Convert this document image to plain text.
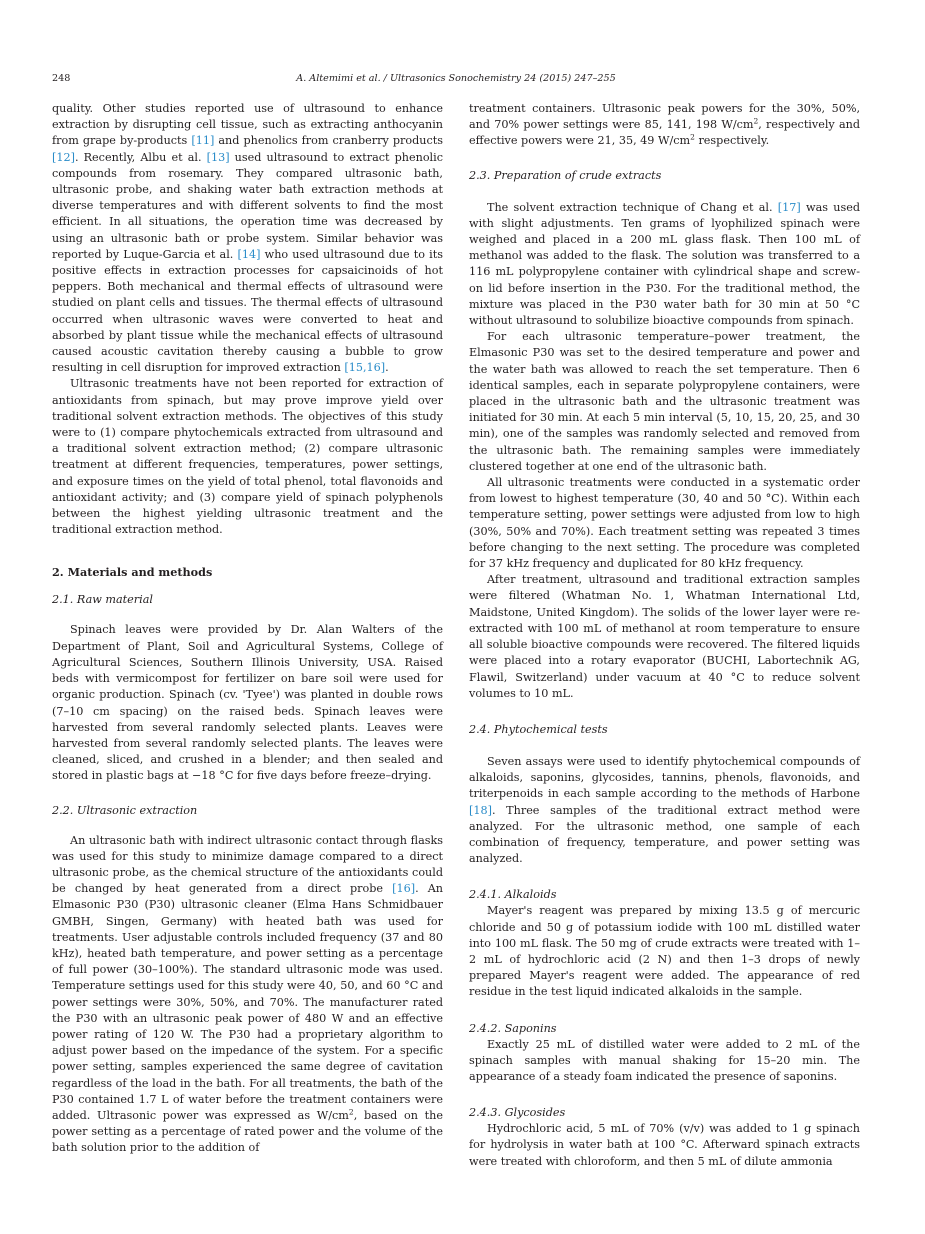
248	A. Altemimi et al. / Ultrasonics Sonochemistry 24 (2015) 247–255

quality. Other studies reported use of ultrasound to enhance extraction by disrupting cell tissue, such as extracting anthocyanin from grape by-products [11] and phenolics from cranberry products [12]. Recently, Albu et al. [13] used ultrasound to extract phenolic compounds from rosemary. They compared ultrasonic bath, ultrasonic probe, and shaking water bath extraction methods at diverse temperatures and with different solvents to find the most efficient. In all situations, the operation time was decreased by using an ultrasonic bath or probe system. Similar behavior was reported by Luque-Garcia et al. [14] who used ultrasound due to its positive effects in extraction processes for capsaicinoids of hot peppers. Both mechanical and thermal effects of ultrasound were studied on plant cells and tissues. The thermal effects of ultrasound occurred when ultrasonic waves were converted to heat and absorbed by plant tissue while the mechanical effects of ultrasound caused acoustic cavitation thereby causing a bubble to grow resulting in cell disruption for improved extraction [15,16].

Ultrasonic treatments have not been reported for extraction of antioxidants from spinach, but may prove improve yield over traditional solvent extraction methods. The objectives of this study were to (1) compare phytochemicals extracted from ultrasound and a traditional solvent extraction method; (2) compare ultrasonic treatment at different frequencies, temperatures, power settings, and exposure times on the yield of total phenol, total flavonoids and antioxidant activity; and (3) compare yield of spinach polyphenols between the highest yielding ultrasonic treatment and the traditional extraction method.

2. Materials and methods
2.1. Raw material

Spinach leaves were provided by Dr. Alan Walters of the Department of Plant, Soil and Agricultural Systems, College of Agricultural Sciences, Southern Illinois University, USA. Raised beds with vermicompost for fertilizer on bare soil were used for organic production. Spinach (cv. 'Tyee') was planted in double rows (7–10 cm spacing) on the raised beds. Spinach leaves were harvested from several randomly selected plants. Leaves were harvested from several randomly selected plants. The leaves were cleaned, sliced, and crushed in a blender; and then sealed and stored in plastic bags at −18 °C for five days before freeze–drying.

2.2. Ultrasonic extraction

An ultrasonic bath with indirect ultrasonic contact through flasks was used for this study to minimize damage compared to a direct ultrasonic probe, as the chemical structure of the antioxidants could be changed by heat generated from a direct probe [16]. An Elmasonic P30 (P30) ultrasonic cleaner (Elma Hans Schmidbauer GMBH, Singen, Germany) with heated bath was used for treatments. User adjustable controls included frequency (37 and 80 kHz), heated bath temperature, and power setting as a percentage of full power (30–100%). The standard ultrasonic mode was used. Temperature settings used for this study were 40, 50, and 60 °C and power settings were 30%, 50%, and 70%. The manufacturer rated the P30 with an ultrasonic peak power of 480 W and an effective power rating of 120 W. The P30 had a proprietary algorithm to adjust power based on the impedance of the system. For a specific power setting, samples experienced the same degree of cavitation regardless of the load in the bath. For all treatments, the bath of the P30 contained 1.7 L of water before the treatment containers were added. Ultrasonic power was expressed as $W/cm^2$, based on the power setting as a percentage of rated power and the volume of the bath solution prior to the addition of

treatment containers. Ultrasonic peak powers for the 30%, 50%, and 70% power settings were 85, 141, 198 $W/cm^2$, respectively and effective powers were 21, 35, 49 $W/cm^2$ respectively.

2.3. Preparation of crude extracts

The solvent extraction technique of Chang et al. [17] was used with slight adjustments. Ten grams of lyophilized spinach were weighed and placed in a 200 mL glass flask. Then 100 mL of methanol was added to the flask. The solution was transferred to a 116 mL polypropylene container with cylindrical shape and screw-on lid before insertion in the P30. For the traditional method, the mixture was placed in the P30 water bath for 30 min at 50 °C without ultrasound to solubilize bioactive compounds from spinach.

For each ultrasonic temperature–power treatment, the Elmasonic P30 was set to the desired temperature and power and the water bath was allowed to reach the set temperature. Then 6 identical samples, each in separate polypropylene containers, were placed in the ultrasonic bath and the ultrasonic treatment was initiated for 30 min. At each 5 min interval (5, 10, 15, 20, 25, and 30 min), one of the samples was randomly selected and removed from the ultrasonic bath. The remaining samples were immediately clustered together at one end of the ultrasonic bath.

All ultrasonic treatments were conducted in a systematic order from lowest to highest temperature (30, 40 and 50 °C). Within each temperature setting, power settings were adjusted from low to high (30%, 50% and 70%). Each treatment setting was repeated 3 times before changing to the next setting. The procedure was completed for 37 kHz frequency and duplicated for 80 kHz frequency.

After treatment, ultrasound and traditional extraction samples were filtered (Whatman No. 1, Whatman International Ltd, Maidstone, United Kingdom). The solids of the lower layer were re-extracted with 100 mL of methanol at room temperature to ensure all soluble bioactive compounds were recovered. The filtered liquids were placed into a rotary evaporator (BUCHI, Labortechnik AG, Flawil, Switzerland) under vacuum at 40 °C to reduce solvent volumes to 10 mL.

2.4. Phytochemical tests

Seven assays were used to identify phytochemical compounds of alkaloids, saponins, glycosides, tannins, phenols, flavonoids, and triterpenoids in each sample according to the methods of Harbone [18]. Three samples of the traditional extract method were analyzed. For the ultrasonic method, one sample of each combination of frequency, temperature, and power setting was analyzed.

2.4.1. Alkaloids

Mayer's reagent was prepared by mixing 13.5 g of mercuric chloride and 50 g of potassium iodide with 100 mL distilled water into 100 mL flask. The 50 mg of crude extracts were treated with 1–2 mL of hydrochloric acid (2 N) and then 1–3 drops of newly prepared Mayer's reagent were added. The appearance of red residue in the test liquid indicated alkaloids in the sample.

2.4.2. Saponins

Exactly 25 mL of distilled water were added to 2 mL of the spinach samples with manual shaking for 15–20 min. The appearance of a steady foam indicated the presence of saponins.

2.4.3. Glycosides

Hydrochloric acid, 5 mL of 70% (v/v) was added to 1 g spinach for hydrolysis in water bath at 100 °C. Afterward spinach extracts were treated with chloroform, and then 5 mL of dilute ammonia
